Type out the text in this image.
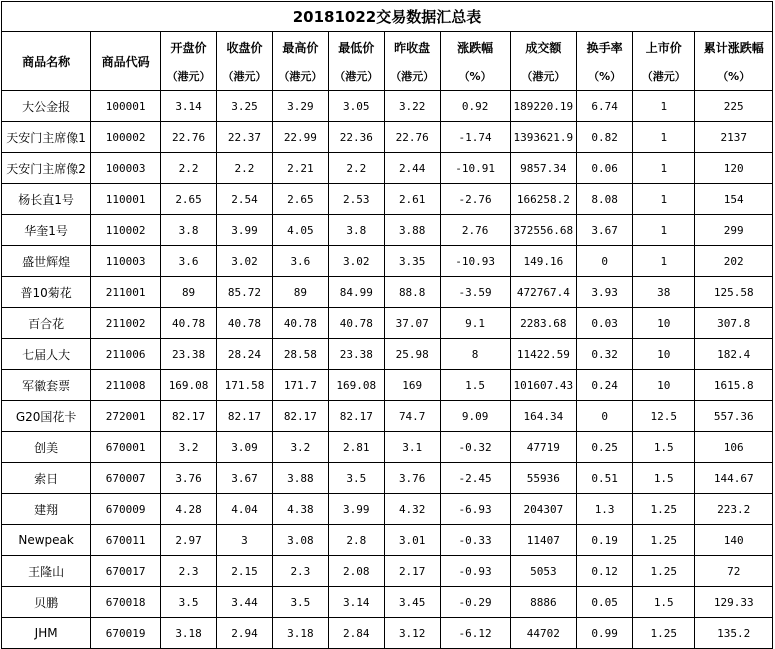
20181022交易数据汇总表											
商品名称	商品代码	开盘价	收盘价	最高价	最低价	昨收盘	涨跌幅	成交额	换手率	上市价	累计涨跌幅
		（港元）	（港元）	（港元）	（港元）	（港元）	（%）	（港元）	（%）	（港元）	（%）
大公金报	100001	3.14	3.25	3.29	3.05	3.22	0.92	189220.19	6.74	1	225
天安门主席像1	100002	22.76	22.37	22.99	22.36	22.76	-1.74	1393621.9	0.82	1	2137
天安门主席像2	100003	2.2	2.2	2.21	2.2	2.44	-10.91	9857.34	0.06	1	120
杨长直1号	110001	2.65	2.54	2.65	2.53	2.61	-2.76	166258.2	8.08	1	154
华奎1号	110002	3.8	3.99	4.05	3.8	3.88	2.76	372556.68	3.67	1	299
盛世辉煌	110003	3.6	3.02	3.6	3.02	3.35	-10.93	149.16	0	1	202
普10菊花	211001	89	85.72	89	84.99	88.8	-3.59	472767.4	3.93	38	125.58
百合花	211002	40.78	40.78	40.78	40.78	37.07	9.1	2283.68	0.03	10	307.8
七届人大	211006	23.38	28.24	28.58	23.38	25.98	8	11422.59	0.32	10	182.4
军徽套票	211008	169.08	171.58	171.7	169.08	169	1.5	101607.43	0.24	10	1615.8
G20国花卡	272001	82.17	82.17	82.17	82.17	74.7	9.09	164.34	0	12.5	557.36
创美	670001	3.2	3.09	3.2	2.81	3.1	-0.32	47719	0.25	1.5	106
索日	670007	3.76	3.67	3.88	3.5	3.76	-2.45	55936	0.51	1.5	144.67
建翔	670009	4.28	4.04	4.38	3.99	4.32	-6.93	204307	1.3	1.25	223.2
Newpeak	670011	2.97	3	3.08	2.8	3.01	-0.33	11407	0.19	1.25	140
王隆山	670017	2.3	2.15	2.3	2.08	2.17	-0.93	5053	0.12	1.25	72
贝鹏	670018	3.5	3.44	3.5	3.14	3.45	-0.29	8886	0.05	1.5	129.33
JHM	670019	3.18	2.94	3.18	2.84	3.12	-6.12	44702	0.99	1.25	135.2
